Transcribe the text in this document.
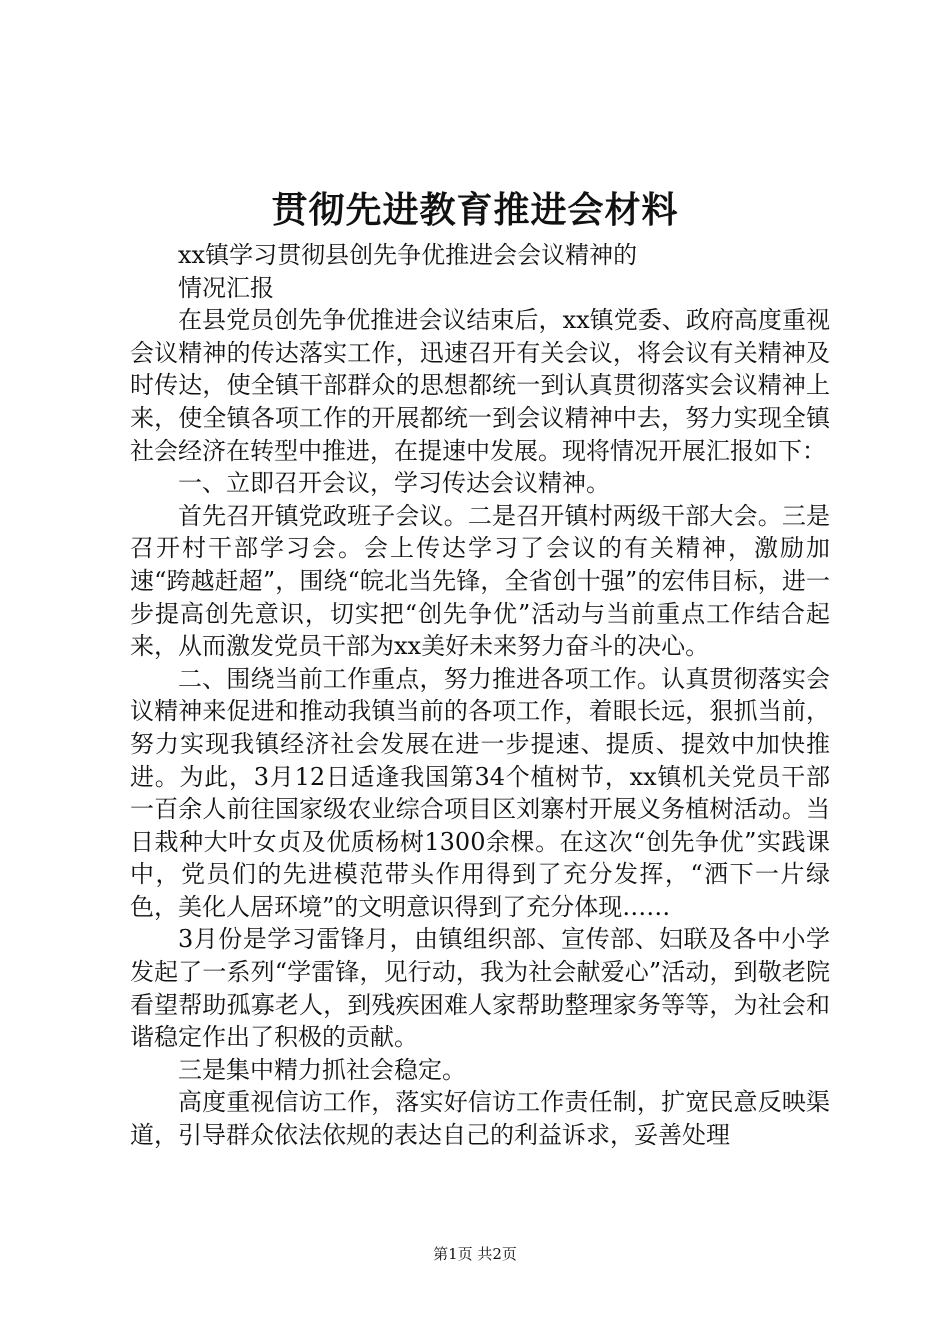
贯彻先进教育推进会材料

xx镇学习贯彻县创先争优推进会会议精神的

情况汇报

在县党员创先争优推进会议结束后，xx镇党委、政府高度重视会议精神的传达落实工作，迅速召开有关会议，将会议有关精神及时传达，使全镇干部群众的思想都统一到认真贯彻落实会议精神上来，使全镇各项工作的开展都统一到会议精神中去，努力实现全镇社会经济在转型中推进，在提速中发展。现将情况开展汇报如下：

一、立即召开会议，学习传达会议精神。

首先召开镇党政班子会议。二是召开镇村两级干部大会。三是召开村干部学习会。会上传达学习了会议的有关精神，激励加速“跨越赶超”，围绕“皖北当先锋，全省创十强”的宏伟目标，进一步提高创先意识，切实把“创先争优”活动与当前重点工作结合起来，从而激发党员干部为xx美好未来努力奋斗的决心。

二、围绕当前工作重点，努力推进各项工作。认真贯彻落实会议精神来促进和推动我镇当前的各项工作，着眼长远，狠抓当前，努力实现我镇经济社会发展在进一步提速、提质、提效中加快推进。为此，3月12日适逢我国第34个植树节，xx镇机关党员干部一百余人前往国家级农业综合项目区刘寨村开展义务植树活动。当日栽种大叶女贞及优质杨树1300余棵。在这次“创先争优”实践课中，党员们的先进模范带头作用得到了充分发挥，“洒下一片绿色，美化人居环境”的文明意识得到了充分体现……

3月份是学习雷锋月，由镇组织部、宣传部、妇联及各中小学发起了一系列“学雷锋，见行动，我为社会献爱心”活动，到敬老院看望帮助孤寡老人，到残疾困难人家帮助整理家务等等，为社会和谐稳定作出了积极的贡献。

三是集中精力抓社会稳定。

高度重视信访工作，落实好信访工作责任制，扩宽民意反映渠道，引导群众依法依规的表达自己的利益诉求，妥善处理

第1页 共2页
